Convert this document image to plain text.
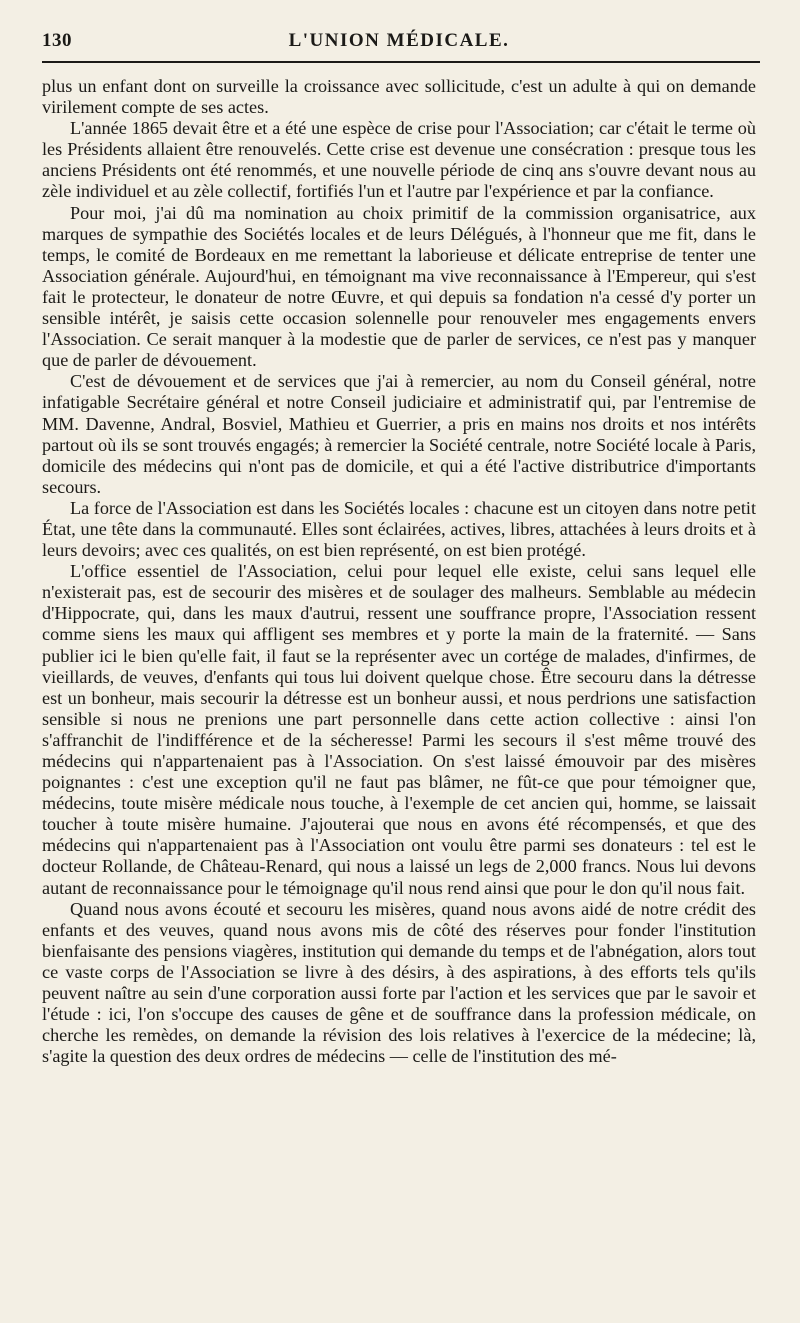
130	L'UNION MÉDICALE.

plus un enfant dont on surveille la croissance avec sollicitude, c'est un adulte à qui on demande virilement compte de ses actes.

L'année 1865 devait être et a été une espèce de crise pour l'Association; car c'était le terme où les Présidents allaient être renouvelés. Cette crise est devenue une consécration : presque tous les anciens Présidents ont été renommés, et une nouvelle période de cinq ans s'ouvre devant nous au zèle individuel et au zèle collectif, fortifiés l'un et l'autre par l'expérience et par la confiance.

Pour moi, j'ai dû ma nomination au choix primitif de la commission organisatrice, aux marques de sympathie des Sociétés locales et de leurs Délégués, à l'honneur que me fit, dans le temps, le comité de Bordeaux en me remettant la laborieuse et délicate entreprise de tenter une Association générale. Aujourd'hui, en témoignant ma vive reconnaissance à l'Empereur, qui s'est fait le protecteur, le donateur de notre Œuvre, et qui depuis sa fondation n'a cessé d'y porter un sensible intérêt, je saisis cette occasion solennelle pour renouveler mes engagements envers l'Association. Ce serait manquer à la modestie que de parler de services, ce n'est pas y manquer que de parler de dévouement.

C'est de dévouement et de services que j'ai à remercier, au nom du Conseil général, notre infatigable Secrétaire général et notre Conseil judiciaire et administratif qui, par l'entremise de MM. Davenne, Andral, Bosviel, Mathieu et Guerrier, a pris en mains nos droits et nos intérêts partout où ils se sont trouvés engagés; à remercier la Société centrale, notre Société locale à Paris, domicile des médecins qui n'ont pas de domicile, et qui a été l'active distributrice d'importants secours.

La force de l'Association est dans les Sociétés locales : chacune est un citoyen dans notre petit État, une tête dans la communauté. Elles sont éclairées, actives, libres, attachées à leurs droits et à leurs devoirs; avec ces qualités, on est bien représenté, on est bien protégé.

L'office essentiel de l'Association, celui pour lequel elle existe, celui sans lequel elle n'existerait pas, est de secourir des misères et de soulager des malheurs. Semblable au médecin d'Hippocrate, qui, dans les maux d'autrui, ressent une souffrance propre, l'Association ressent comme siens les maux qui affligent ses membres et y porte la main de la fraternité. — Sans publier ici le bien qu'elle fait, il faut se la représenter avec un cortége de malades, d'infirmes, de vieillards, de veuves, d'enfants qui tous lui doivent quelque chose. Être secouru dans la détresse est un bonheur, mais secourir la détresse est un bonheur aussi, et nous perdrions une satisfaction sensible si nous ne prenions une part personnelle dans cette action collective : ainsi l'on s'affranchit de l'indifférence et de la sécheresse! Parmi les secours il s'est même trouvé des médecins qui n'appartenaient pas à l'Association. On s'est laissé émouvoir par des misères poignantes : c'est une exception qu'il ne faut pas blâmer, ne fût-ce que pour témoigner que, médecins, toute misère médicale nous touche, à l'exemple de cet ancien qui, homme, se laissait toucher à toute misère humaine. J'ajouterai que nous en avons été récompensés, et que des médecins qui n'appartenaient pas à l'Association ont voulu être parmi ses donateurs : tel est le docteur Rollande, de Château-Renard, qui nous a laissé un legs de 2,000 francs. Nous lui devons autant de reconnaissance pour le témoignage qu'il nous rend ainsi que pour le don qu'il nous fait.

Quand nous avons écouté et secouru les misères, quand nous avons aidé de notre crédit des enfants et des veuves, quand nous avons mis de côté des réserves pour fonder l'institution bienfaisante des pensions viagères, institution qui demande du temps et de l'abnégation, alors tout ce vaste corps de l'Association se livre à des désirs, à des aspirations, à des efforts tels qu'ils peuvent naître au sein d'une corporation aussi forte par l'action et les services que par le savoir et l'étude : ici, l'on s'occupe des causes de gêne et de souffrance dans la profession médicale, on cherche les remèdes, on demande la révision des lois relatives à l'exercice de la médecine; là, s'agite la question des deux ordres de médecins — celle de l'institution des mé-
